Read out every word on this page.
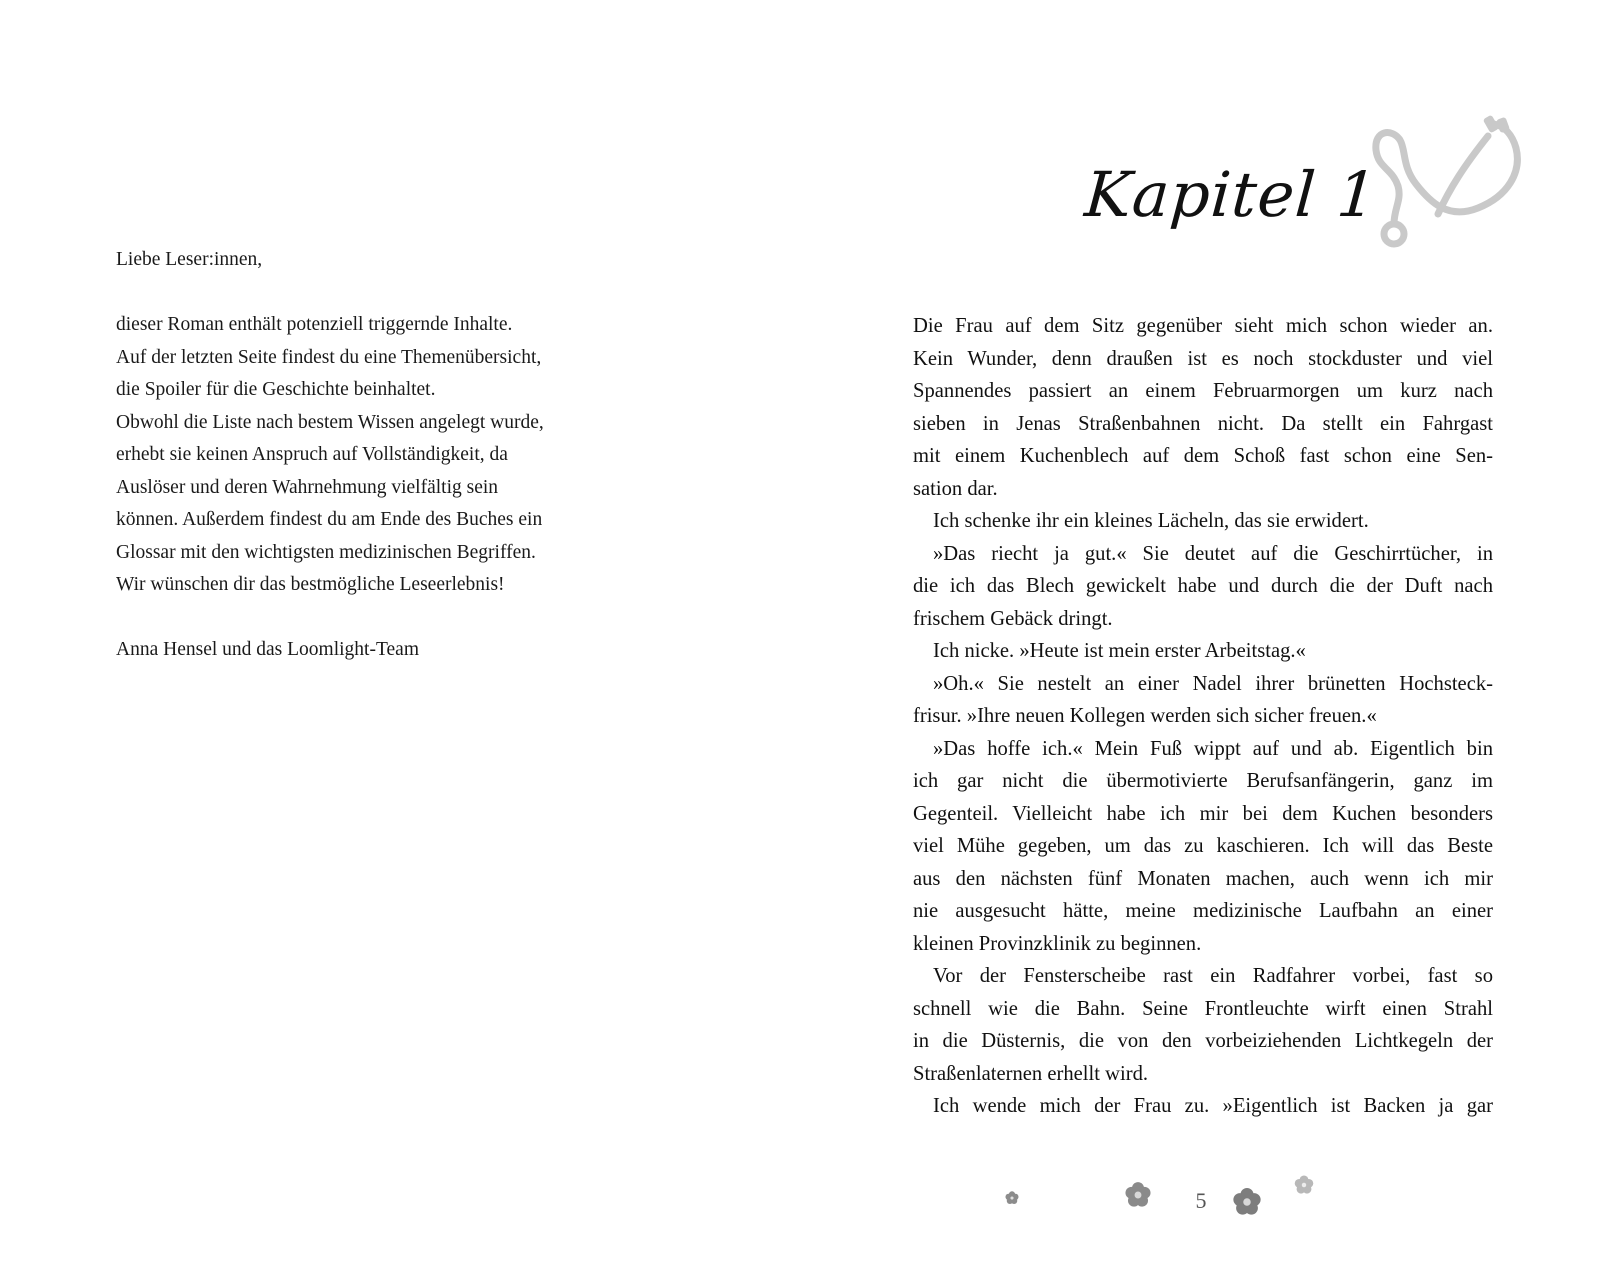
Liebe Leser:innen,
dieser Roman enthält potenziell triggernde Inhalte.
Auf der letzten Seite findest du eine Themenübersicht,
die Spoiler für die Geschichte beinhaltet.
Obwohl die Liste nach bestem Wissen angelegt wurde,
erhebt sie keinen Anspruch auf Vollständigkeit, da
Auslöser und deren Wahrnehmung vielfältig sein
können. Außerdem findest du am Ende des Buches ein
Glossar mit den wichtigsten medizinischen Begriffen.
Wir wünschen dir das bestmögliche Leseerlebnis!
Anna Hensel und das Loomlight-Team
Kapitel 1
Die Frau auf dem Sitz gegenüber sieht mich schon wieder an.
Kein Wunder, denn draußen ist es noch stockduster und viel
Spannendes passiert an einem Februarmorgen um kurz nach
sieben in Jenas Straßenbahnen nicht. Da stellt ein Fahrgast
mit einem Kuchenblech auf dem Schoß fast schon eine Sen-
sation dar.
Ich schenke ihr ein kleines Lächeln, das sie erwidert.
»Das riecht ja gut.« Sie deutet auf die Geschirrtücher, in
die ich das Blech gewickelt habe und durch die der Duft nach
frischem Gebäck dringt.
Ich nicke. »Heute ist mein erster Arbeitstag.«
»Oh.« Sie nestelt an einer Nadel ihrer brünetten Hochsteck-
frisur. »Ihre neuen Kollegen werden sich sicher freuen.«
»Das hoffe ich.« Mein Fuß wippt auf und ab. Eigentlich bin
ich gar nicht die übermotivierte Berufsanfängerin, ganz im
Gegenteil. Vielleicht habe ich mir bei dem Kuchen besonders
viel Mühe gegeben, um das zu kaschieren. Ich will das Beste
aus den nächsten fünf Monaten machen, auch wenn ich mir
nie ausgesucht hätte, meine medizinische Laufbahn an einer
kleinen Provinzklinik zu beginnen.
Vor der Fensterscheibe rast ein Radfahrer vorbei, fast so
schnell wie die Bahn. Seine Frontleuchte wirft einen Strahl
in die Düsternis, die von den vorbeiziehenden Lichtkegeln der
Straßenlaternen erhellt wird.
Ich wende mich der Frau zu. »Eigentlich ist Backen ja gar
5
